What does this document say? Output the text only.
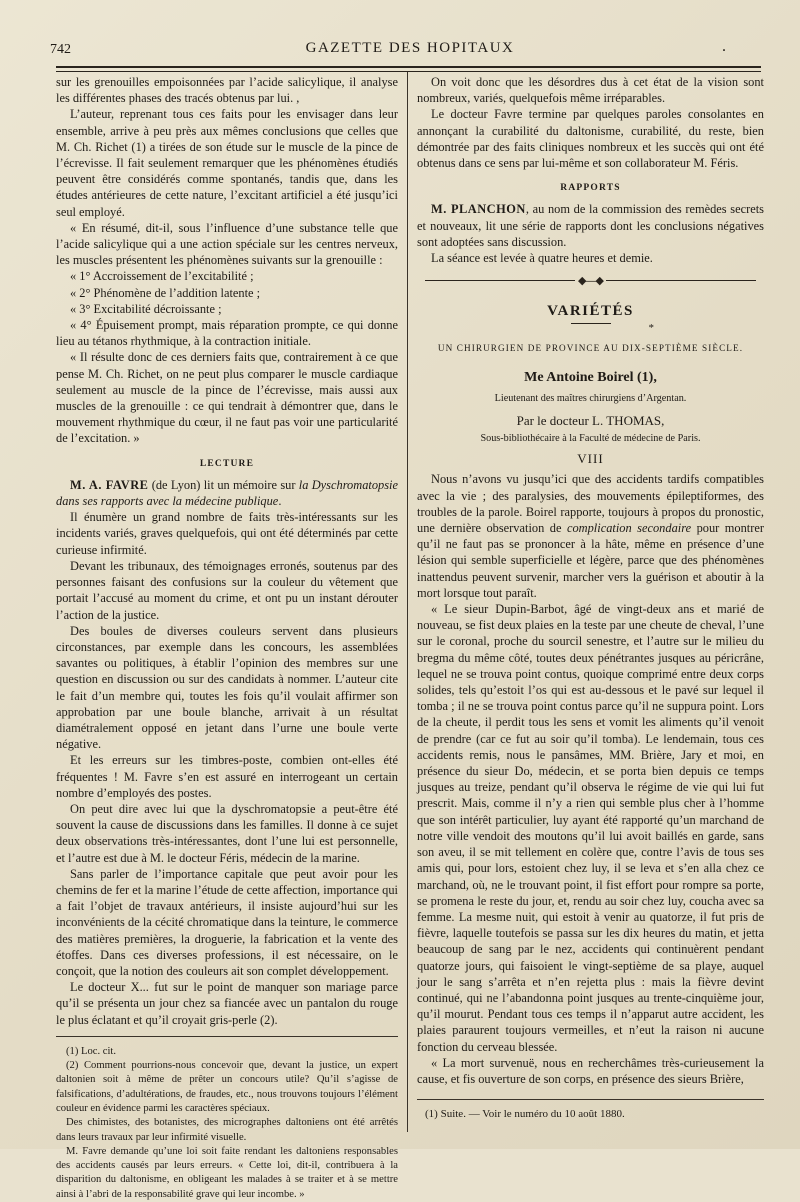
742	GAZETTE DES HOPITAUX	.

sur les grenouilles empoisonnées par l’acide salicylique, il analyse les différentes phases des tracés obtenus par lui. ,

L’auteur, reprenant tous ces faits pour les envisager dans leur ensemble, arrive à peu près aux mêmes conclusions que celles que M. Ch. Richet (1) a tirées de son étude sur le muscle de la pince de l’écrevisse. Il fait seulement remarquer que les phénomènes étudiés peuvent être considérés comme spontanés, tandis que, dans les études antérieures de cette nature, l’excitant artificiel a été jusqu’ici seul employé.

« En résumé, dit-il, sous l’influence d’une substance telle que l’acide salicylique qui a une action spéciale sur les centres nerveux, les muscles présentent les phénomènes suivants sur la grenouille :

« 1° Accroissement de l’excitabilité ;

« 2° Phénomène de l’addition latente ;

« 3° Excitabilité décroissante ;

« 4° Épuisement prompt, mais réparation prompte, ce qui donne lieu au tétanos rhythmique, à la contraction initiale.

« Il résulte donc de ces derniers faits que, contrairement à ce que pense M. Ch. Richet, on ne peut plus comparer le muscle cardiaque seulement au muscle de la pince de l’écrevisse, mais aussi aux muscles de la grenouille : ce qui tendrait à démontrer que, dans le mouvement rhythmique du cœur, il ne faut pas voir une particularité de l’excitation. »

LECTURE

M. A. FAVRE (de Lyon) lit un mémoire sur la Dyschromatopsie dans ses rapports avec la médecine publique.

Il énumère un grand nombre de faits très-intéressants sur les incidents variés, graves quelquefois, qui ont été déterminés par cette curieuse infirmité.

Devant les tribunaux, des témoignages erronés, soutenus par des personnes faisant des confusions sur la couleur du vêtement que portait l’accusé au moment du crime, et ont pu un instant dérouter l’action de la justice.

Des boules de diverses couleurs servent dans plusieurs circonstances, par exemple dans les concours, les assemblées savantes ou politiques, à établir l’opinion des membres sur une question en discussion ou sur des candidats à nommer. L’auteur cite le fait d’un membre qui, toutes les fois qu’il voulait affirmer son approbation par une boule blanche, arrivait à un résultat diamétralement opposé en jetant dans l’urne une boule verte négative.

Et les erreurs sur les timbres-poste, combien ont-elles été fréquentes ! M. Favre s’en est assuré en interrogeant un certain nombre d’employés des postes.

On peut dire avec lui que la dyschromatopsie a peut-être été souvent la cause de discussions dans les familles. Il donne à ce sujet deux observations très-intéressantes, dont l’une lui est personnelle, et l’autre est due à M. le docteur Féris, médecin de la marine.

Sans parler de l’importance capitale que peut avoir pour les chemins de fer et la marine l’étude de cette affection, importance qui a fait l’objet de travaux antérieurs, il insiste aujourd’hui sur les inconvénients de la cécité chromatique dans la teinture, le commerce des matières premières, la droguerie, la fabrication et la vente des étoffes. Dans ces diverses professions, il est nécessaire, on le conçoit, que la notion des couleurs ait son complet développement.

Le docteur X... fut sur le point de manquer son mariage parce qu’il se présenta un jour chez sa fiancée avec un pantalon du rouge le plus éclatant et qu’il croyait gris-perle (2).

(1) Loc. cit.

(2) Comment pourrions-nous concevoir que, devant la justice, un expert daltonien soit à même de prêter un concours utile? Qu’il s’agisse de falsifications, d’adultérations, de fraudes, etc., nous trouvons toujours l’élément couleur en évidence parmi les caractères spéciaux.

Des chimistes, des botanistes, des micrographes daltoniens ont été arrêtés dans leurs travaux par leur infirmité visuelle.

M. Favre demande qu’une loi soit faite rendant les daltoniens responsables des accidents causés par leurs erreurs. « Cette loi, dit-il, contribuera à la disparition du daltonisme, en obligeant les malades à se traiter et à se mettre ainsi à l’abri de la responsabilité grave qui leur incombe. »

On voit donc que les désordres dus à cet état de la vision sont nombreux, variés, quelquefois même irréparables.

Le docteur Favre termine par quelques paroles consolantes en annonçant la curabilité du daltonisme, curabilité, du reste, bien démontrée par des faits cliniques nombreux et les succès qui ont été obtenus dans ce sens par lui-même et son collaborateur M. Féris.

RAPPORTS

M. PLANCHON, au nom de la commission des remèdes secrets et nouveaux, lit une série de rapports dont les conclusions négatives sont adoptées sans discussion.

La séance est levée à quatre heures et demie.

◆—◆
VARIÉTÉS
*
UN CHIRURGIEN DE PROVINCE AU DIX-SEPTIÈME SIÈCLE.
Me Antoine Boirel (1),
Lieutenant des maîtres chirurgiens d’Argentan.
Par le docteur L. THOMAS,
Sous-bibliothécaire à la Faculté de médecine de Paris.
VIII

Nous n’avons vu jusqu’ici que des accidents tardifs compatibles avec la vie ; des paralysies, des mouvements épileptiformes, des troubles de la parole. Boirel rapporte, toujours à propos du pronostic, une dernière observation de complication secondaire pour montrer qu’il ne faut pas se prononcer à la hâte, même en présence d’une lésion qui semble superficielle et légère, parce que des phénomènes inattendus peuvent survenir, marcher vers la guérison et aboutir à la mort lorsque tout paraît.

« Le sieur Dupin-Barbot, âgé de vingt-deux ans et marié de nouveau, se fist deux plaies en la teste par une cheute de cheval, l’une sur le coronal, proche du sourcil senestre, et l’autre sur le milieu du bregma du même côté, toutes deux pénétrantes jusques au péricrâne, lequel ne se trouva point contus, quoique comprimé entre deux corps solides, tels qu’estoit l’os qui est au-dessous et le pavé sur lequel il tomba ; il ne se trouva point contus parce qu’il ne suppura point. Lors de la cheute, il perdit tous les sens et vomit les aliments qu’il venoit de prendre (car ce fut au soir qu’il tomba). Le lendemain, tous ces accidents remis, nous le pansâmes, MM. Brière, Jary et moi, en présence du sieur Do, médecin, et se porta bien depuis ce temps jusques au treize, pendant qu’il observa le régime de vie qui lui fut prescrit. Mais, comme il n’y a rien qui semble plus cher à l’homme que son intérêt particulier, luy ayant été rapporté qu’un marchand de notre ville vendoit des moutons qu’il lui avoit baillés en garde, sans son aveu, il se mit tellement en colère que, contre l’avis de tous ses amis qui, pour lors, estoient chez luy, il se leva et s’en alla chez ce marchand, où, ne le trouvant point, il fist effort pour rompre sa porte, se promena le reste du jour, et, rendu au soir chez luy, coucha avec sa femme. La mesme nuit, qui estoit à venir au quatorze, il fut pris de fièvre, laquelle toutefois se passa sur les dix heures du matin, et jetta beaucoup de sang par le nez, accidents qui continuèrent pendant quatorze jours, qui faisoient le vingt-septième de sa playe, auquel jour le sang s’arrêta et n’en rejetta plus : mais la fièvre devint continué, qui ne l’abandonna point jusques au trente-cinquième jour, qu’il mourut. Pendant tous ces temps il n’apparut autre accident, les plaies paraurent toujours vermeilles, et n’eut la raison ni aucune fonction du cerveau blessée.

« La mort survenuë, nous en recherchâmes très-curieusement la cause, et fis ouverture de son corps, en présence des sieurs Brière,

(1) Suite. — Voir le numéro du 10 août 1880.
